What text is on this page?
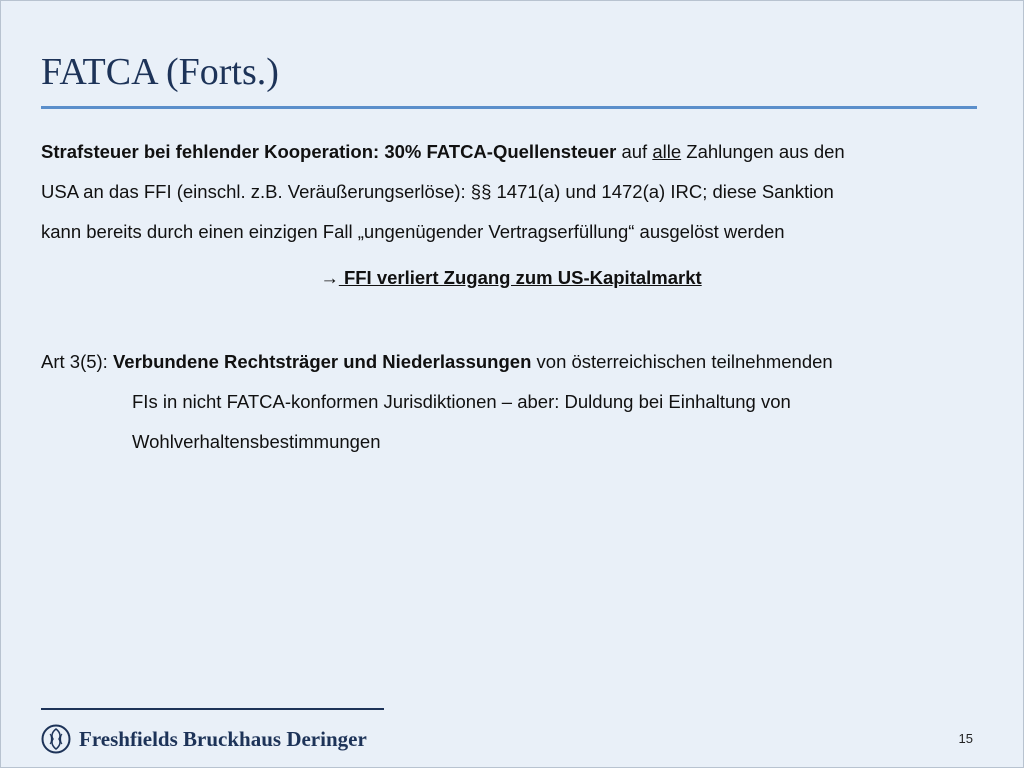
FATCA (Forts.)
Strafsteuer bei fehlender Kooperation: 30% FATCA-Quellensteuer auf alle Zahlungen aus den
USA an das FFI (einschl. z.B. Veräußerungserlöse): §§ 1471(a) und 1472(a) IRC; diese Sanktion
kann bereits durch einen einzigen Fall „ungenügender Vertragserfüllung“ ausgelöst werden
→ FFI verliert Zugang zum US-Kapitalmarkt
Art 3(5): Verbundene Rechtsträger und Niederlassungen von österreichischen teilnehmenden
FIs in nicht FATCA-konformen Jurisdiktionen – aber: Duldung bei Einhaltung von
Wohlverhaltensbestimmungen
Freshfields Bruckhaus Deringer	15
